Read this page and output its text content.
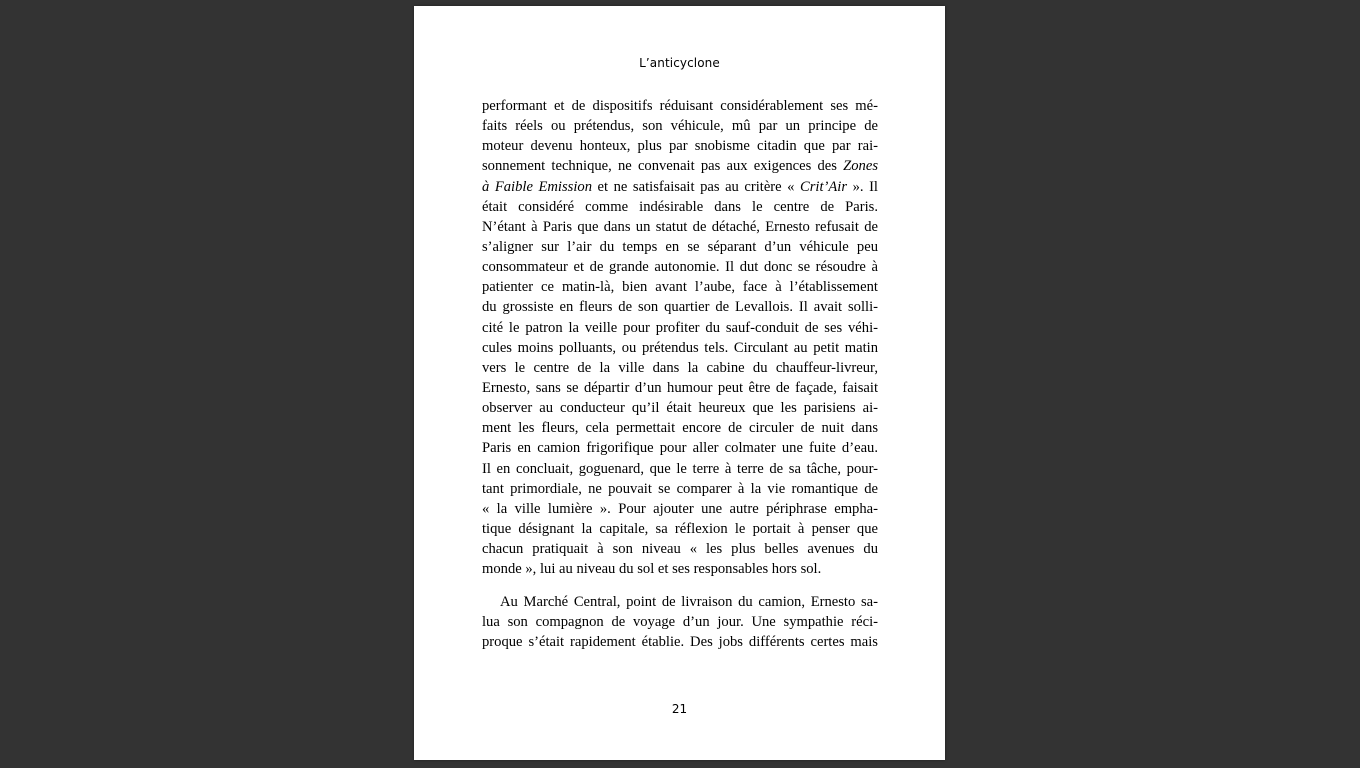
L’anticyclone
performant et de dispositifs réduisant considérablement ses mé-
faits réels ou prétendus, son véhicule, mû par un principe de
moteur devenu honteux, plus par snobisme citadin que par rai-
sonnement technique, ne convenait pas aux exigences des Zones
à Faible Emission et ne satisfaisait pas au critère « Crit’Air ». Il
était considéré comme indésirable dans le centre de Paris.
N’étant à Paris que dans un statut de détaché, Ernesto refusait de
s’aligner sur l’air du temps en se séparant d’un véhicule peu
consommateur et de grande autonomie. Il dut donc se résoudre à
patienter ce matin-là, bien avant l’aube, face à l’établissement
du grossiste en fleurs de son quartier de Levallois. Il avait solli-
cité le patron la veille pour profiter du sauf-conduit de ses véhi-
cules moins polluants, ou prétendus tels. Circulant au petit matin
vers le centre de la ville dans la cabine du chauffeur-livreur,
Ernesto, sans se départir d’un humour peut être de façade, faisait
observer au conducteur qu’il était heureux que les parisiens ai-
ment les fleurs, cela permettait encore de circuler de nuit dans
Paris en camion frigorifique pour aller colmater une fuite d’eau.
Il en concluait, goguenard, que le terre à terre de sa tâche, pour-
tant primordiale, ne pouvait se comparer à la vie romantique de
« la ville lumière ». Pour ajouter une autre périphrase empha-
tique désignant la capitale, sa réflexion le portait à penser que
chacun pratiquait à son niveau « les plus belles avenues du
monde », lui au niveau du sol et ses responsables hors sol.
Au Marché Central, point de livraison du camion, Ernesto sa-
lua son compagnon de voyage d’un jour. Une sympathie réci-
proque s’était rapidement établie. Des jobs différents certes mais
21
